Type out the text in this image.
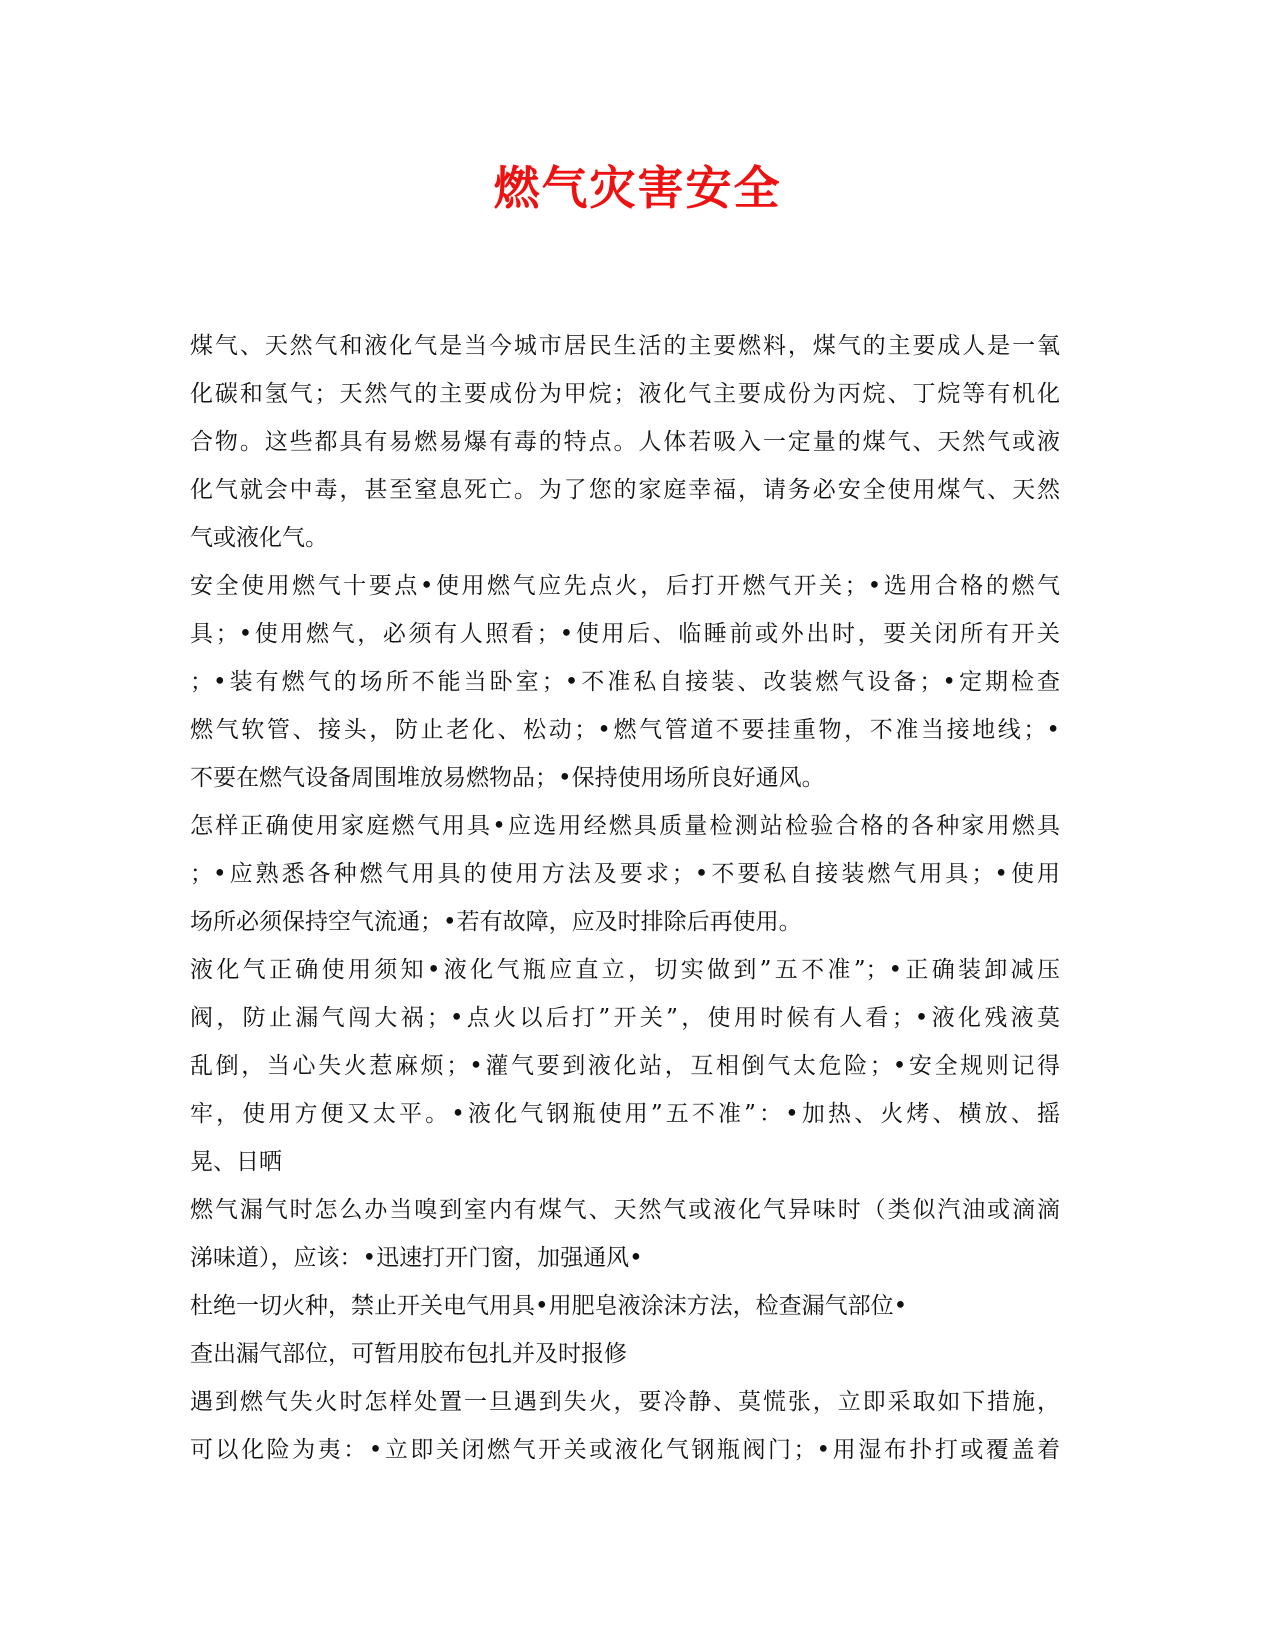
燃气灾害安全
煤气、天然气和液化气是当今城市居民生活的主要燃料，煤气的主要成人是一氧
化碳和氢气；天然气的主要成份为甲烷；液化气主要成份为丙烷、丁烷等有机化
合物。这些都具有易燃易爆有毒的特点。人体若吸入一定量的煤气、天然气或液
化气就会中毒，甚至窒息死亡。为了您的家庭幸福，请务必安全使用煤气、天然
气或液化气。
安全使用燃气十要点•使用燃气应先点火，后打开燃气开关；•选用合格的燃气
具；•使用燃气，必须有人照看；•使用后、临睡前或外出时，要关闭所有开关
；•装有燃气的场所不能当卧室；•不准私自接装、改装燃气设备；•定期检查
燃气软管、接头，防止老化、松动；•燃气管道不要挂重物，不准当接地线；•
不要在燃气设备周围堆放易燃物品；•保持使用场所良好通风。
怎样正确使用家庭燃气用具•应选用经燃具质量检测站检验合格的各种家用燃具
；•应熟悉各种燃气用具的使用方法及要求；•不要私自接装燃气用具；•使用
场所必须保持空气流通；•若有故障，应及时排除后再使用。
液化气正确使用须知•液化气瓶应直立，切实做到”五不准”；•正确装卸减压
阀，防止漏气闯大祸；•点火以后打”开关”，使用时候有人看；•液化残液莫
乱倒，当心失火惹麻烦；•灌气要到液化站，互相倒气太危险；•安全规则记得
牢，使用方便又太平。•液化气钢瓶使用”五不准”：•加热、火烤、横放、摇
晃、日晒
燃气漏气时怎么办当嗅到室内有煤气、天然气或液化气异味时（类似汽油或滴滴
涕味道），应该：•迅速打开门窗，加强通风•
杜绝一切火种，禁止开关电气用具•用肥皂液涂沫方法，检查漏气部位•
查出漏气部位，可暂用胶布包扎并及时报修
遇到燃气失火时怎样处置一旦遇到失火，要冷静、莫慌张，立即采取如下措施，
可以化险为夷：•立即关闭燃气开关或液化气钢瓶阀门；•用湿布扑打或覆盖着
